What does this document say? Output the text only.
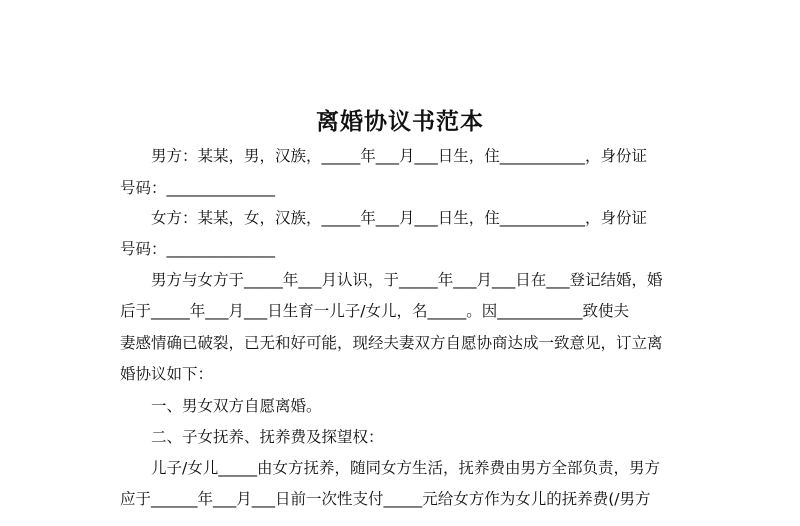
离婚协议书范本
　　男方：某某，男，汉族，_____年___月___日生，住___________，身份证
号码：______________
　　女方：某某，女，汉族，_____年___月___日生，住___________，身份证
号码：______________
　　男方与女方于_____年___月认识，于_____年___月___日在___登记结婚，婚
后于_____年___月___日生育一儿子/女儿，名_____。因___________致使夫
妻感情确已破裂，已无和好可能，现经夫妻双方自愿协商达成一致意见，订立离
婚协议如下：
　　一、男女双方自愿离婚。
　　二、子女抚养、抚养费及探望权：
　　儿子/女儿_____由女方抚养，随同女方生活，抚养费由男方全部负责，男方
应于______年___月___日前一次性支付_____元给女方作为女儿的抚养费(/男方
